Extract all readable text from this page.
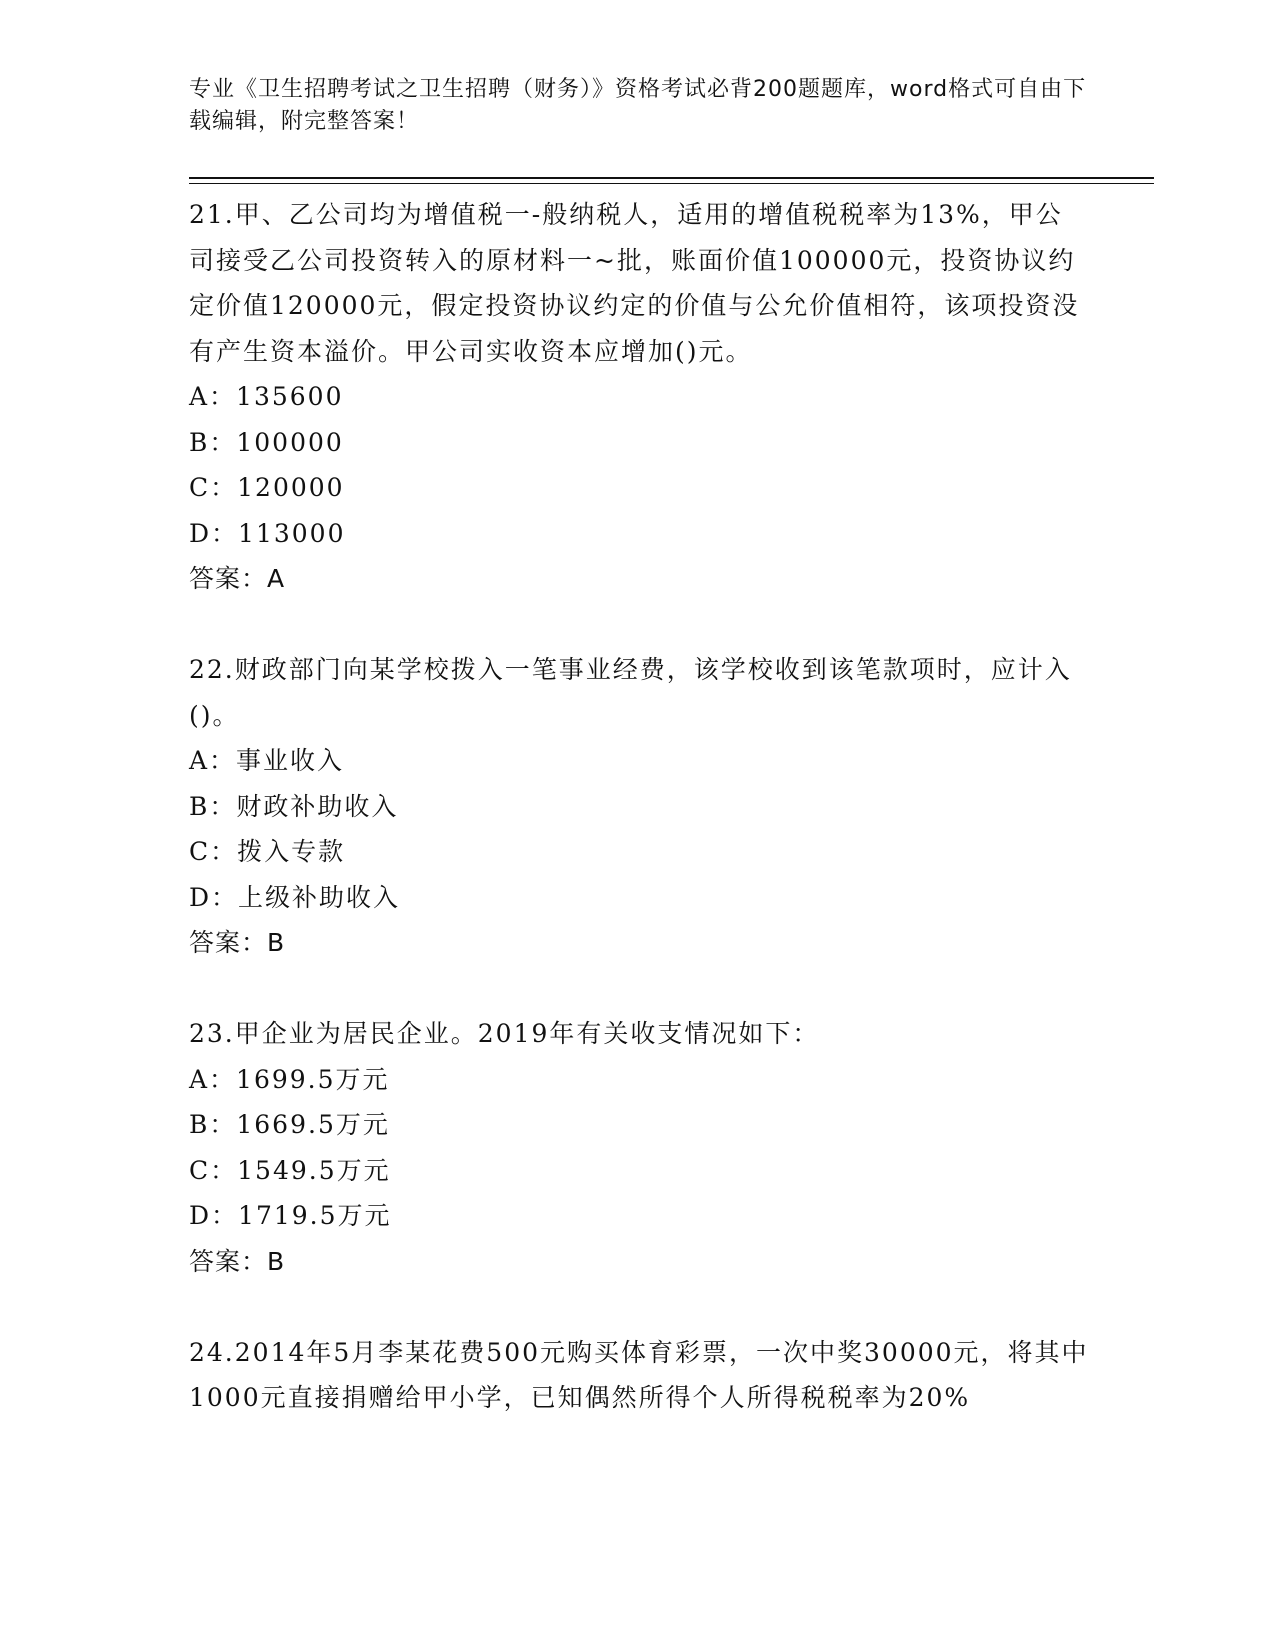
专业《卫生招聘考试之卫生招聘（财务）》资格考试必背200题题库，word格式可自由下载编辑，附完整答案！

21.甲、乙公司均为增值税一-般纳税人，适用的增值税税率为13%，甲公司接受乙公司投资转入的原材料一~批，账面价值100000元，投资协议约定价值120000元，假定投资协议约定的价值与公允价值相符，该项投资没有产生资本溢价。甲公司实收资本应增加()元。

A：135600

B：100000

C：120000

D：113000

答案：A

22.财政部门向某学校拨入一笔事业经费，该学校收到该笔款项时，应计入()。

A：事业收入

B：财政补助收入

C：拨入专款

D：上级补助收入

答案：B

23.甲企业为居民企业。2019年有关收支情况如下：

A：1699.5万元

B：1669.5万元

C：1549.5万元

D：1719.5万元

答案：B

24.2014年5月李某花费500元购买体育彩票，一次中奖30000元，将其中1000元直接捐赠给甲小学，已知偶然所得个人所得税税率为20%
